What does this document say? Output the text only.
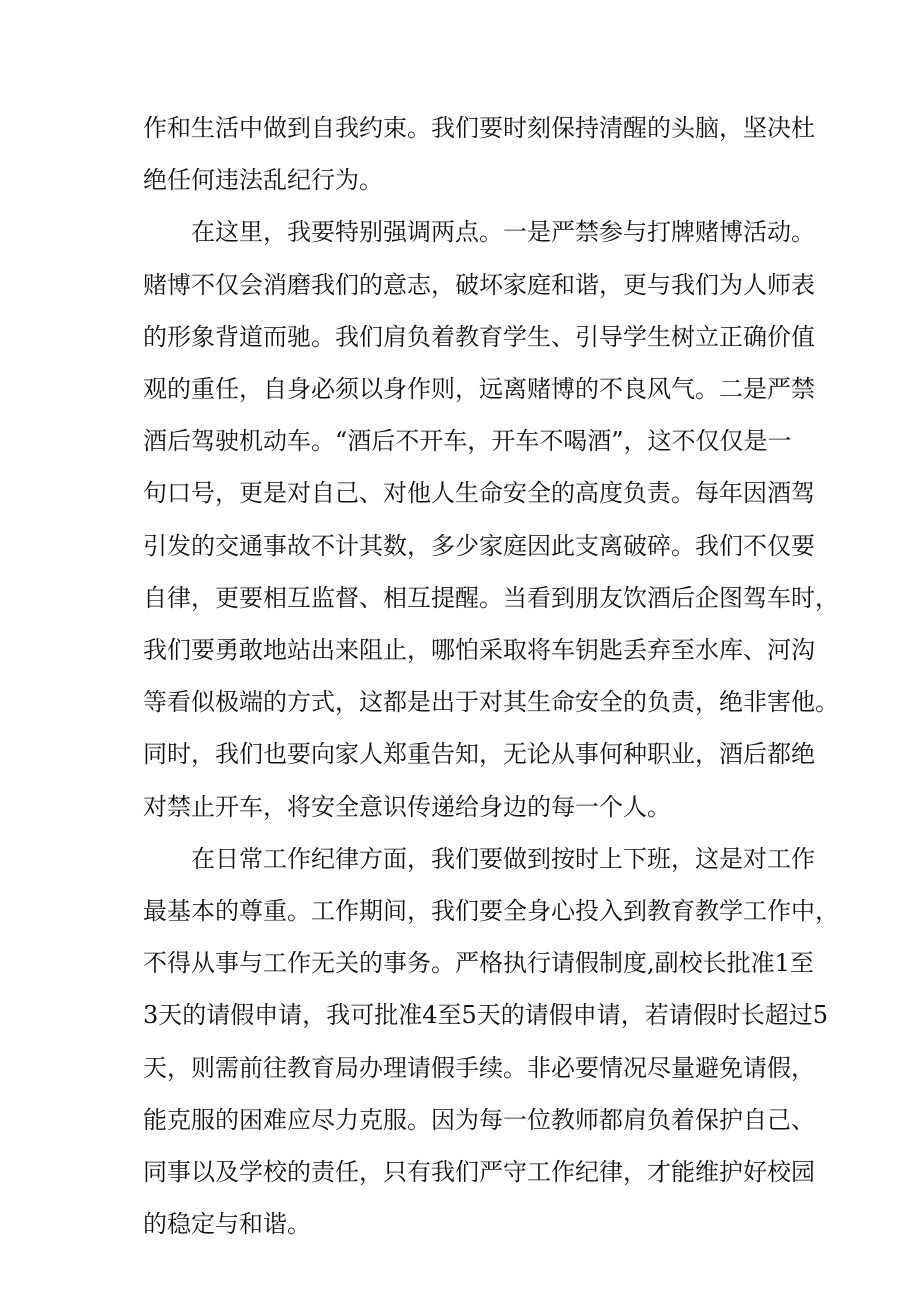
作和生活中做到自我约束。我们要时刻保持清醒的头脑，坚决杜
绝任何违法乱纪行为。
在这里，我要特别强调两点。一是严禁参与打牌赌博活动。
赌博不仅会消磨我们的意志，破坏家庭和谐，更与我们为人师表
的形象背道而驰。我们肩负着教育学生、引导学生树立正确价值
观的重任，自身必须以身作则，远离赌博的不良风气。二是严禁
酒后驾驶机动车。“酒后不开车，开车不喝酒”，这不仅仅是一
句口号，更是对自己、对他人生命安全的高度负责。每年因酒驾
引发的交通事故不计其数，多少家庭因此支离破碎。我们不仅要
自律，更要相互监督、相互提醒。当看到朋友饮酒后企图驾车时，
我们要勇敢地站出来阻止，哪怕采取将车钥匙丢弃至水库、河沟
等看似极端的方式，这都是出于对其生命安全的负责，绝非害他。
同时，我们也要向家人郑重告知，无论从事何种职业，酒后都绝
对禁止开车，将安全意识传递给身边的每一个人。
在日常工作纪律方面，我们要做到按时上下班，这是对工作
最基本的尊重。工作期间，我们要全身心投入到教育教学工作中，
不得从事与工作无关的事务。严格执行请假制度,副校长批准1至
3天的请假申请，我可批准4至5天的请假申请，若请假时长超过5
天，则需前往教育局办理请假手续。非必要情况尽量避免请假，
能克服的困难应尽力克服。因为每一位教师都肩负着保护自己、
同事以及学校的责任，只有我们严守工作纪律，才能维护好校园
的稳定与和谐。
